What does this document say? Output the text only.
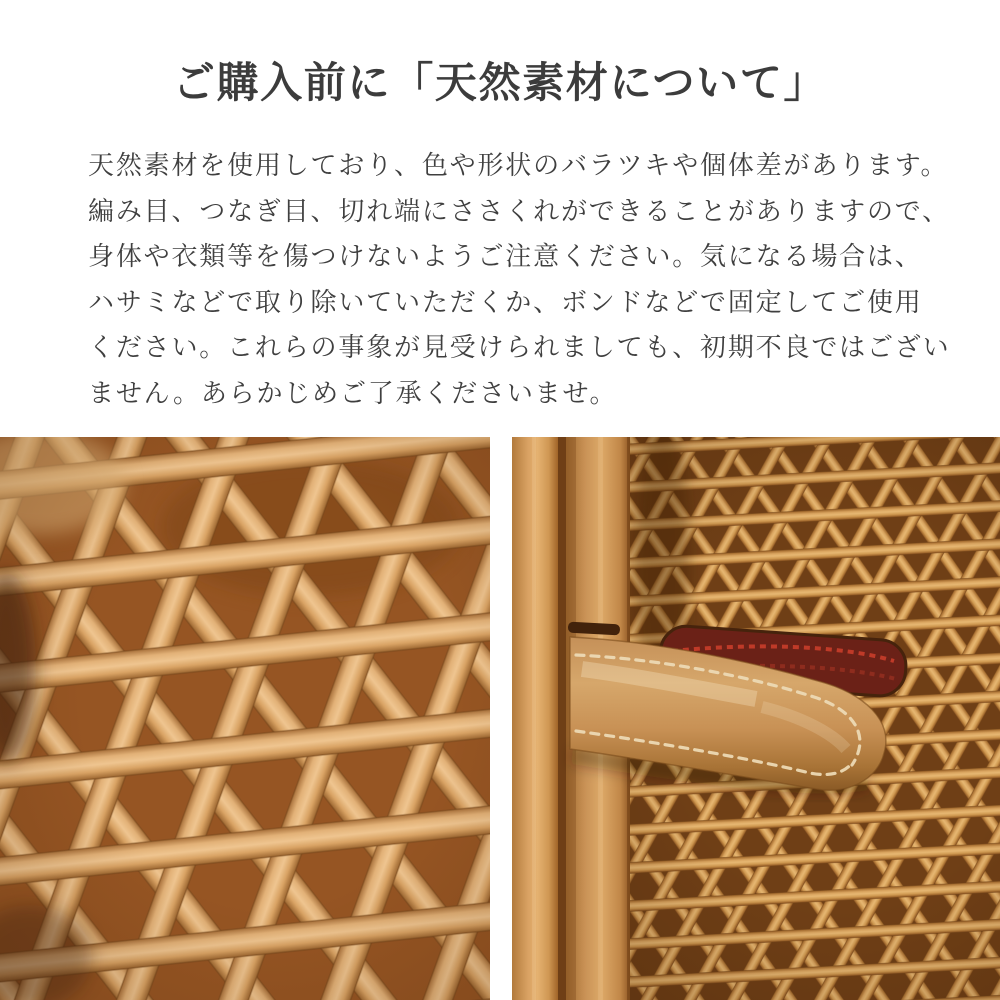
ご購入前に「天然素材について」
天然素材を使用しており、色や形状のバラツキや個体差があります。
編み目、つなぎ目、切れ端にささくれができることがありますので、
身体や衣類等を傷つけないようご注意ください。気になる場合は、
ハサミなどで取り除いていただくか、ボンドなどで固定してご使用
ください。これらの事象が見受けられましても、初期不良ではござい
ません。あらかじめご了承くださいませ。
